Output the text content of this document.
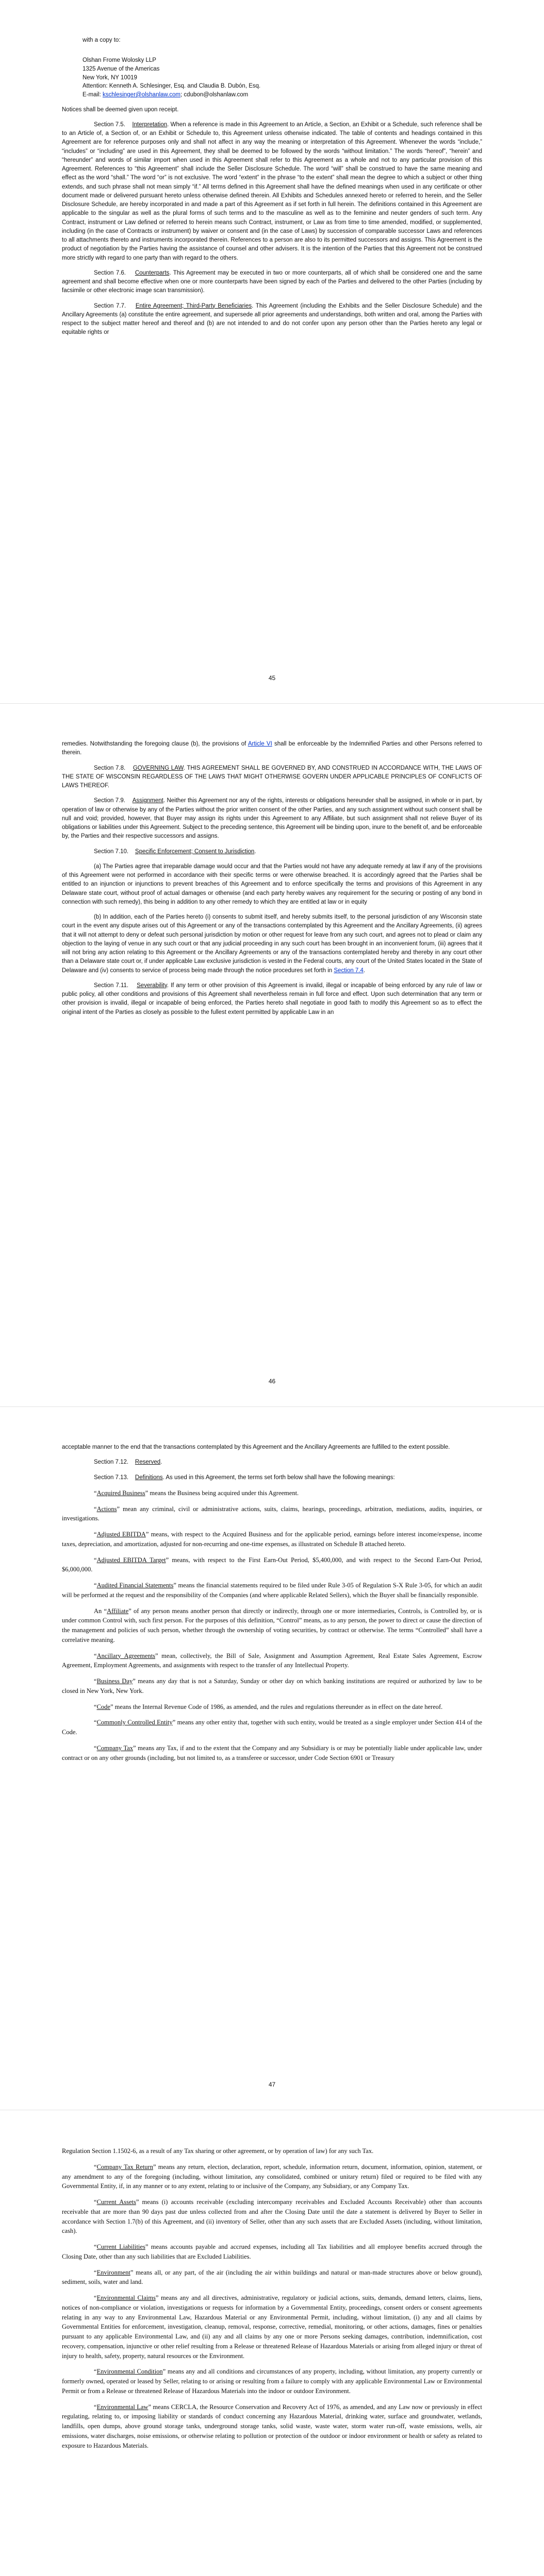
with a copy to:

Olshan Frome Wolosky LLP
1325 Avenue of the Americas
New York, NY 10019
Attention: Kenneth A. Schlesinger, Esq. and Claudia B. Dubón, Esq.
E-mail: kschlesinger@olshanlaw.com; cdubon@olshanlaw.com

Notices shall be deemed given upon receipt.

Section 7.5. Interpretation. When a reference is made in this Agreement to an Article, a Section, an Exhibit or a Schedule, such reference shall be to an Article of, a Section of, or an Exhibit or Schedule to, this Agreement unless otherwise indicated. The table of contents and headings contained in this Agreement are for reference purposes only and shall not affect in any way the meaning or interpretation of this Agreement. Whenever the words “include,” “includes” or “including” are used in this Agreement, they shall be deemed to be followed by the words “without limitation.” The words “hereof”, “herein” and “hereunder” and words of similar import when used in this Agreement shall refer to this Agreement as a whole and not to any particular provision of this Agreement. References to “this Agreement” shall include the Seller Disclosure Schedule. The word “will” shall be construed to have the same meaning and effect as the word “shall.” The word “or” is not exclusive. The word “extent” in the phrase “to the extent” shall mean the degree to which a subject or other thing extends, and such phrase shall not mean simply “if.” All terms defined in this Agreement shall have the defined meanings when used in any certificate or other document made or delivered pursuant hereto unless otherwise defined therein. All Exhibits and Schedules annexed hereto or referred to herein, and the Seller Disclosure Schedule, are hereby incorporated in and made a part of this Agreement as if set forth in full herein. The definitions contained in this Agreement are applicable to the singular as well as the plural forms of such terms and to the masculine as well as to the feminine and neuter genders of such term. Any Contract, instrument or Law defined or referred to herein means such Contract, instrument, or Law as from time to time amended, modified, or supplemented, including (in the case of Contracts or instrument) by waiver or consent and (in the case of Laws) by succession of comparable successor Laws and references to all attachments thereto and instruments incorporated therein. References to a person are also to its permitted successors and assigns. This Agreement is the product of negotiation by the Parties having the assistance of counsel and other advisers. It is the intention of the Parties that this Agreement not be construed more strictly with regard to one party than with regard to the others.

Section 7.6. Counterparts. This Agreement may be executed in two or more counterparts, all of which shall be considered one and the same agreement and shall become effective when one or more counterparts have been signed by each of the Parties and delivered to the other Parties (including by facsimile or other electronic image scan transmission).

Section 7.7. Entire Agreement; Third-Party Beneficiaries. This Agreement (including the Exhibits and the Seller Disclosure Schedule) and the Ancillary Agreements (a) constitute the entire agreement, and supersede all prior agreements and understandings, both written and oral, among the Parties with respect to the subject matter hereof and thereof and (b) are not intended to and do not confer upon any person other than the Parties hereto any legal or equitable rights or

45

remedies. Notwithstanding the foregoing clause (b), the provisions of Article VI shall be enforceable by the Indemnified Parties and other Persons referred to therein.

Section 7.8. GOVERNING LAW. THIS AGREEMENT SHALL BE GOVERNED BY, AND CONSTRUED IN ACCORDANCE WITH, THE LAWS OF THE STATE OF WISCONSIN REGARDLESS OF THE LAWS THAT MIGHT OTHERWISE GOVERN UNDER APPLICABLE PRINCIPLES OF CONFLICTS OF LAWS THEREOF.

Section 7.9. Assignment. Neither this Agreement nor any of the rights, interests or obligations hereunder shall be assigned, in whole or in part, by operation of law or otherwise by any of the Parties without the prior written consent of the other Parties, and any such assignment without such consent shall be null and void; provided, however, that Buyer may assign its rights under this Agreement to any Affiliate, but such assignment shall not relieve Buyer of its obligations or liabilities under this Agreement. Subject to the preceding sentence, this Agreement will be binding upon, inure to the benefit of, and be enforceable by, the Parties and their respective successors and assigns.

Section 7.10. Specific Enforcement; Consent to Jurisdiction.

(a) The Parties agree that irreparable damage would occur and that the Parties would not have any adequate remedy at law if any of the provisions of this Agreement were not performed in accordance with their specific terms or were otherwise breached. It is accordingly agreed that the Parties shall be entitled to an injunction or injunctions to prevent breaches of this Agreement and to enforce specifically the terms and provisions of this Agreement in any Delaware state court, without proof of actual damages or otherwise (and each party hereby waives any requirement for the securing or posting of any bond in connection with such remedy), this being in addition to any other remedy to which they are entitled at law or in equity

(b) In addition, each of the Parties hereto (i) consents to submit itself, and hereby submits itself, to the personal jurisdiction of any Wisconsin state court in the event any dispute arises out of this Agreement or any of the transactions contemplated by this Agreement and the Ancillary Agreements, (ii) agrees that it will not attempt to deny or defeat such personal jurisdiction by motion or other request for leave from any such court, and agrees not to plead or claim any objection to the laying of venue in any such court or that any judicial proceeding in any such court has been brought in an inconvenient forum, (iii) agrees that it will not bring any action relating to this Agreement or the Ancillary Agreements or any of the transactions contemplated hereby and thereby in any court other than a Delaware state court or, if under applicable Law exclusive jurisdiction is vested in the Federal courts, any court of the United States located in the State of Delaware and (iv) consents to service of process being made through the notice procedures set forth in Section 7.4.

Section 7.11. Severability. If any term or other provision of this Agreement is invalid, illegal or incapable of being enforced by any rule of law or public policy, all other conditions and provisions of this Agreement shall nevertheless remain in full force and effect. Upon such determination that any term or other provision is invalid, illegal or incapable of being enforced, the Parties hereto shall negotiate in good faith to modify this Agreement so as to effect the original intent of the Parties as closely as possible to the fullest extent permitted by applicable Law in an

46

acceptable manner to the end that the transactions contemplated by this Agreement and the Ancillary Agreements are fulfilled to the extent possible.

Section 7.12. Reserved.

Section 7.13. Definitions. As used in this Agreement, the terms set forth below shall have the following meanings:

“Acquired Business” means the Business being acquired under this Agreement.

“Actions” mean any criminal, civil or administrative actions, suits, claims, hearings, proceedings, arbitration, mediations, audits, inquiries, or investigations.

“Adjusted EBITDA” means, with respect to the Acquired Business and for the applicable period, earnings before interest income/expense, income taxes, depreciation, and amortization, adjusted for non-recurring and one-time expenses, as illustrated on Schedule B attached hereto.

“Adjusted EBITDA Target” means, with respect to the First Earn-Out Period, $5,400,000, and with respect to the Second Earn-Out Period, $6,000,000.

“Audited Financial Statements” means the financial statements required to be filed under Rule 3-05 of Regulation S-X Rule 3-05, for which an audit will be performed at the request and the responsibility of the Companies (and where applicable Related Sellers), which the Buyer shall be financially responsible.

An “Affiliate” of any person means another person that directly or indirectly, through one or more intermediaries, Controls, is Controlled by, or is under common Control with, such first person. For the purposes of this definition, “Control” means, as to any person, the power to direct or cause the direction of the management and policies of such person, whether through the ownership of voting securities, by contract or otherwise. The terms “Controlled” shall have a correlative meaning.

“Ancillary Agreements” mean, collectively, the Bill of Sale, Assignment and Assumption Agreement, Real Estate Sales Agreement, Escrow Agreement, Employment Agreements, and assignments with respect to the transfer of any Intellectual Property.

“Business Day” means any day that is not a Saturday, Sunday or other day on which banking institutions are required or authorized by law to be closed in New York, New York.

“Code” means the Internal Revenue Code of 1986, as amended, and the rules and regulations thereunder as in effect on the date hereof.

“Commonly Controlled Entity” means any other entity that, together with such entity, would be treated as a single employer under Section 414 of the Code.

“Company Tax” means any Tax, if and to the extent that the Company and any Subsidiary is or may be potentially liable under applicable law, under contract or on any other grounds (including, but not limited to, as a transferee or successor, under Code Section 6901 or Treasury

47

Regulation Section 1.1502-6, as a result of any Tax sharing or other agreement, or by operation of law) for any such Tax.

“Company Tax Return” means any return, election, declaration, report, schedule, information return, document, information, opinion, statement, or any amendment to any of the foregoing (including, without limitation, any consolidated, combined or unitary return) filed or required to be filed with any Governmental Entity, if, in any manner or to any extent, relating to or inclusive of the Company, any Subsidiary, or any Company Tax.

“Current Assets” means (i) accounts receivable (excluding intercompany receivables and Excluded Accounts Receivable) other than accounts receivable that are more than 90 days past due unless collected from and after the Closing Date until the date a statement is delivered by Buyer to Seller in accordance with Section 1.7(b) of this Agreement, and (ii) inventory of Seller, other than any such assets that are Excluded Assets (including, without limitation, cash).

“Current Liabilities” means accounts payable and accrued expenses, including all Tax liabilities and all employee benefits accrued through the Closing Date, other than any such liabilities that are Excluded Liabilities.

“Environment” means all, or any part, of the air (including the air within buildings and natural or man-made structures above or below ground), sediment, soils, water and land.

“Environmental Claims” means any and all directives, administrative, regulatory or judicial actions, suits, demands, demand letters, claims, liens, notices of non-compliance or violation, investigations or requests for information by a Governmental Entity, proceedings, consent orders or consent agreements relating in any way to any Environmental Law, Hazardous Material or any Environmental Permit, including, without limitation, (i) any and all claims by Governmental Entities for enforcement, investigation, cleanup, removal, response, corrective, remedial, monitoring, or other actions, damages, fines or penalties pursuant to any applicable Environmental Law, and (ii) any and all claims by any one or more Persons seeking damages, contribution, indemnification, cost recovery, compensation, injunctive or other relief resulting from a Release or threatened Release of Hazardous Materials or arising from alleged injury or threat of injury to health, safety, property, natural resources or the Environment.

“Environmental Condition” means any and all conditions and circumstances of any property, including, without limitation, any property currently or formerly owned, operated or leased by Seller, relating to or arising or resulting from a failure to comply with any applicable Environmental Law or Environmental Permit or from a Release or threatened Release of Hazardous Materials into the indoor or outdoor Environment.

“Environmental Law” means CERCLA, the Resource Conservation and Recovery Act of 1976, as amended, and any Law now or previously in effect regulating, relating to, or imposing liability or standards of conduct concerning any Hazardous Material, drinking water, surface and groundwater, wetlands, landfills, open dumps, above ground storage tanks, underground storage tanks, solid waste, waste water, storm water run-off, waste emissions, wells, air emissions, water discharges, noise emissions, or otherwise relating to pollution or protection of the outdoor or indoor environment or health or safety as related to exposure to Hazardous Materials.
